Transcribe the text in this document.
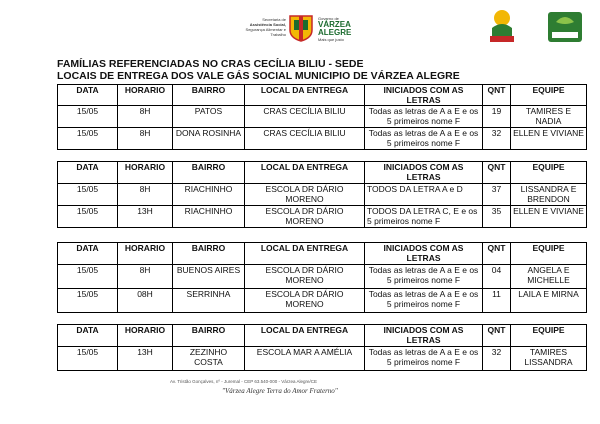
Secretaria de
Assistência Social,
Segurança Alimentar e
Trabalho
Governo de
VÁRZEA ALEGRE
Mais que justo
FAMÍLIAS REFERENCIADAS NO CRAS CECÍLIA BILIU - SEDE
LOCAIS DE ENTREGA DOS VALE GÁS SOCIAL MUNICIPIO DE VÁRZEA ALEGRE
DATA	HORARIO	BAIRRO	LOCAL DA ENTREGA	INICIADOS COM AS LETRAS	QNT	EQUIPE
15/05	8H	PATOS	CRAS CECÍLIA BILIU	Todas as letras de A a E e os 5 primeiros nome F	19	TAMIRES E NADIA
15/05	8H	DONA ROSINHA	CRAS CECÍLIA BILIU	Todas as letras de A a E e os 5 primeiros nome F	32	ELLEN E VIVIANE
DATA	HORARIO	BAIRRO	LOCAL DA ENTREGA	INICIADOS COM AS LETRAS	QNT	EQUIPE
15/05	8H	RIACHINHO	ESCOLA DR DÁRIO MORENO	TODOS DA LETRA A e D	37	LISSANDRA E BRENDON
15/05	13H	RIACHINHO	ESCOLA DR DÁRIO MORENO	TODOS DA LETRA C, E e os 5 primeiros nome F	35	ELLEN E VIVIANE
DATA	HORARIO	BAIRRO	LOCAL DA ENTREGA	INICIADOS COM AS LETRAS	QNT	EQUIPE
15/05	8H	BUENOS AIRES	ESCOLA DR DÁRIO MORENO	Todas as letras de A a E e os 5 primeiros nome F	04	ANGELA E MICHELLE
15/05	08H	SERRINHA	ESCOLA DR DÁRIO MORENO	Todas as letras de A a E e os 5 primeiros nome F	11	LAILA E MIRNA
DATA	HORARIO	BAIRRO	LOCAL DA ENTREGA	INICIADOS COM AS LETRAS	QNT	EQUIPE
15/05	13H	ZEZINHO COSTA	ESCOLA MAR A AMÉLIA	Todas as letras de A a E e os 5 primeiros nome F	32	TAMIRES LISSANDRA
Av. Tristão Gonçalves, nº - Juremal - CEP 63.540-000 - Várzea Alegre/CE
"Várzea Alegre Terra do Amor Fraterno"
